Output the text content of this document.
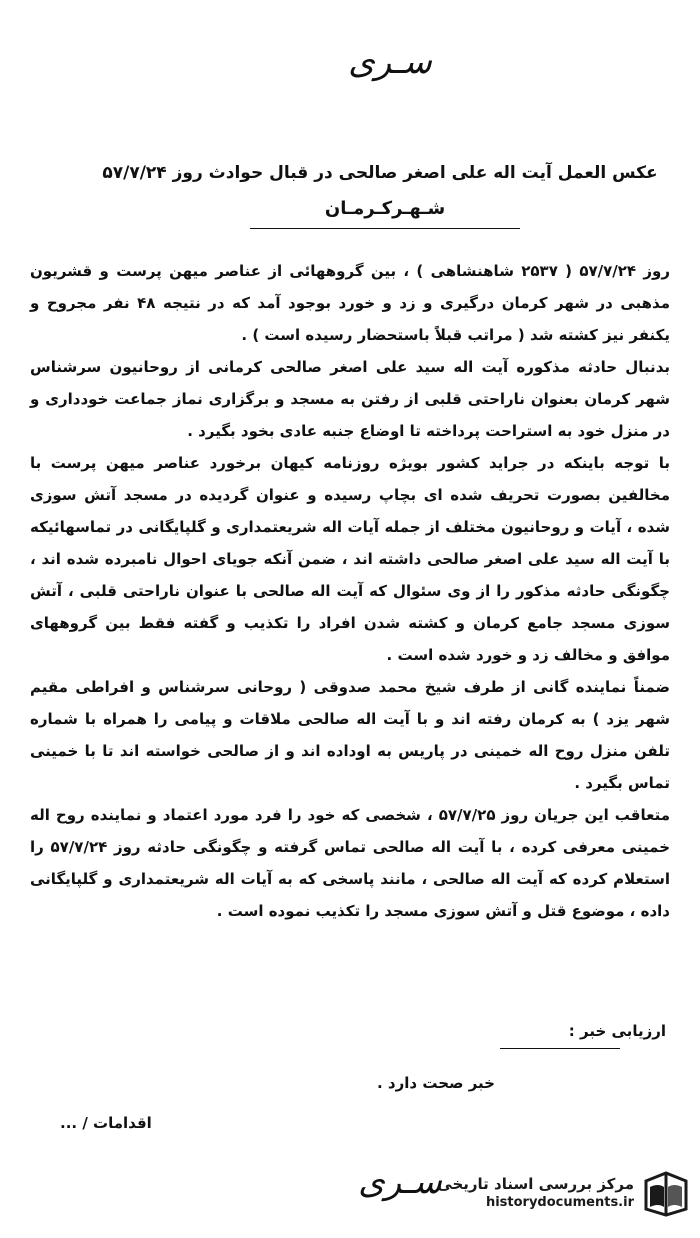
سـری
عکس العمل آیت اله علی اصغر صالحی در قبال حوادث روز ۵۷/۷/۲۴
شـهـرکـرمـان

روز ۵۷/۷/۲۴ ( ۲۵۳۷ شاهنشاهی ) ، بین گروههائی از عناصر میهن پرست و قشریون مذهبی در شهر کرمان درگیری و زد و خورد بوجود آمد که در نتیجه ۴۸ نفر مجروح و یکنفر نیز کشته شد ( مراتب قبلاً باستحضار رسیده است ) .

بدنبال حادثه مذکوره آیت اله سید علی اصغر صالحی کرمانی از روحانیون سرشناس شهر کرمان بعنوان ناراحتی قلبی از رفتن به مسجد و برگزاری نماز جماعت خودداری و در منزل خود به استراحت پرداخته تا اوضاع جنبه عادی بخود بگیرد .

با توجه باینکه در جراید کشور بویژه روزنامه کیهان برخورد عناصر میهن پرست با مخالفین بصورت تحریف شده ای بچاپ رسیده و عنوان گردیده در مسجد آتش سوزی شده ، آیات و روحانیون مختلف از جمله آیات اله شریعتمداری و گلپایگانی در تماسهائیکه با آیت اله سید علی اصغر صالحی داشته اند ، ضمن آنکه جویای احوال نامبرده شده اند ، چگونگی حادثه مذکور را از وی سئوال که آیت اله صالحی با عنوان ناراحتی قلبی ، آتش سوزی مسجد جامع کرمان و کشته شدن افراد را تکذیب و گفته فقط بین گروههای موافق و مخالف زد و خورد شده است .

ضمناً نماینده گانی از طرف شیخ محمد صدوقی ( روحانی سرشناس و افراطی مقیم شهر یزد ) به کرمان رفته اند و با آیت اله صالحی ملاقات و پیامی را همراه با شماره تلفن منزل روح اله خمینی در پاریس به اوداده اند و از صالحی خواسته اند تا با خمینی تماس بگیرد .

متعاقب این جریان روز ۵۷/۷/۲۵ ، شخصی که خود را فرد مورد اعتماد و نماینده روح اله خمینی معرفی کرده ، با آیت اله صالحی تماس گرفته و چگونگی حادثه روز ۵۷/۷/۲۴ را استعلام کرده که آیت اله صالحی ، مانند پاسخی که به آیات اله شریعتمداری و گلپایگانی داده ، موضوع قتل و آتش سوزی مسجد را تکذیب نموده است .

ارزیابی خبر :
خبر صحت دارد .
اقدامات / ...
سـری
مرکز بررسی اسناد تاریخی
historydocuments.ir
